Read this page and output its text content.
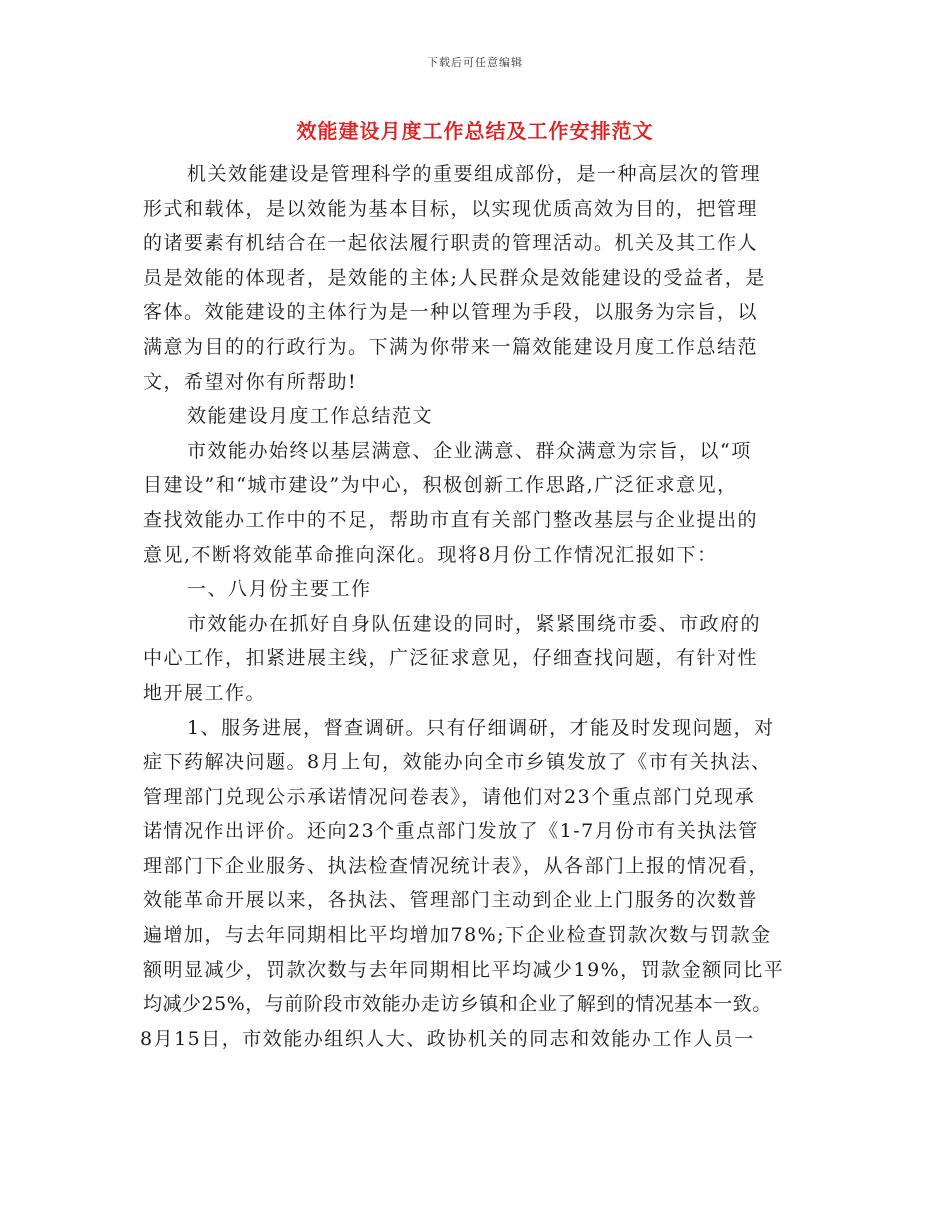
下载后可任意编辑
效能建设月度工作总结及工作安排范文
机关效能建设是管理科学的重要组成部份，是一种高层次的管理
形式和载体，是以效能为基本目标，以实现优质高效为目的，把管理
的诸要素有机结合在一起依法履行职责的管理活动。机关及其工作人
员是效能的体现者，是效能的主体;人民群众是效能建设的受益者，是
客体。效能建设的主体行为是一种以管理为手段，以服务为宗旨，以
满意为目的的行政行为。下满为你带来一篇效能建设月度工作总结范
文，希望对你有所帮助!
效能建设月度工作总结范文
市效能办始终以基层满意、企业满意、群众满意为宗旨，以“项
目建设”和“城市建设”为中心，积极创新工作思路,广泛征求意见，
查找效能办工作中的不足，帮助市直有关部门整改基层与企业提出的
意见,不断将效能革命推向深化。现将8月份工作情况汇报如下：
一、八月份主要工作
市效能办在抓好自身队伍建设的同时，紧紧围绕市委、市政府的
中心工作，扣紧进展主线，广泛征求意见，仔细查找问题，有针对性
地开展工作。
1、服务进展，督查调研。只有仔细调研，才能及时发现问题，对
症下药解决问题。8月上旬，效能办向全市乡镇发放了《市有关执法、
管理部门兑现公示承诺情况问卷表》，请他们对23个重点部门兑现承
诺情况作出评价。还向23个重点部门发放了《1-7月份市有关执法管
理部门下企业服务、执法检查情况统计表》，从各部门上报的情况看，
效能革命开展以来，各执法、管理部门主动到企业上门服务的次数普
遍增加，与去年同期相比平均增加78%;下企业检查罚款次数与罚款金
额明显减少，罚款次数与去年同期相比平均减少19%，罚款金额同比平
均减少25%，与前阶段市效能办走访乡镇和企业了解到的情况基本一致。
8月15日，市效能办组织人大、政协机关的同志和效能办工作人员一
